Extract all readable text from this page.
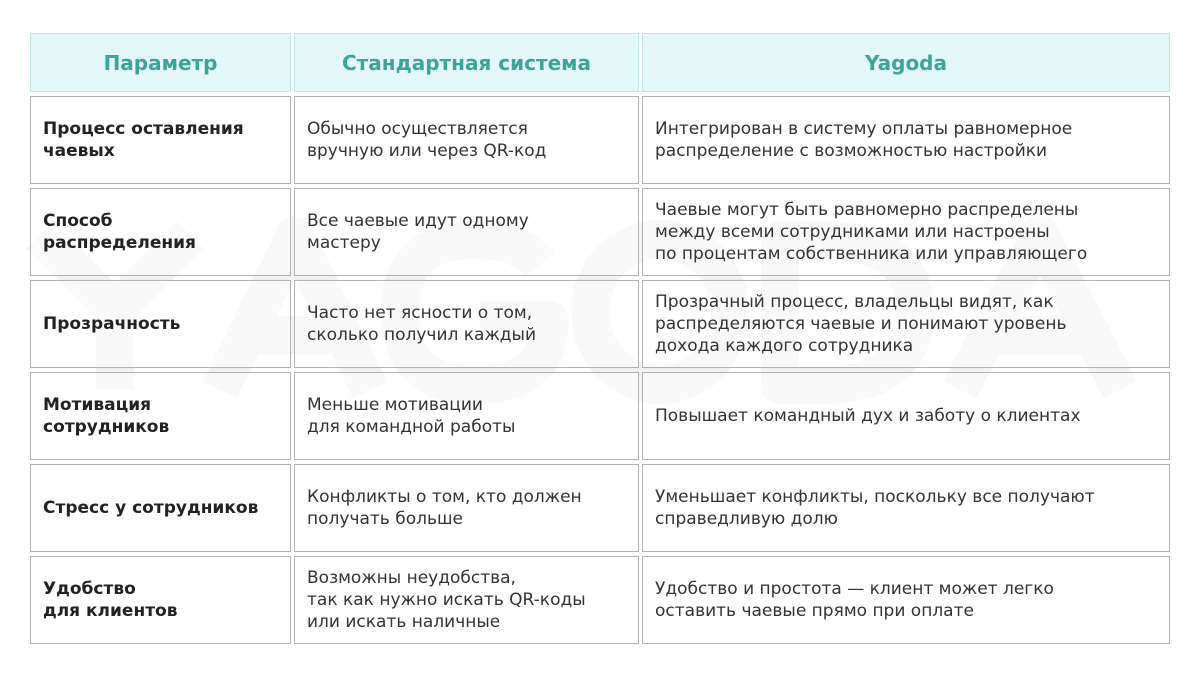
Параметр	Стандартная система	Yagoda
Процесс оставления
чаевых
Обычно осуществляется
вручную или через QR-код
Интегрирован в систему оплаты равномерное
распределение с возможностью настройки
Способ
распределения
Все чаевые идут одному
мастеру
Чаевые могут быть равномерно распределены
между всеми сотрудниками или настроены
по процентам собственника или управляющего
Прозрачность
Часто нет ясности о том,
сколько получил каждый
Прозрачный процесс, владельцы видят, как
распределяются чаевые и понимают уровень
дохода каждого сотрудника
Мотивация
сотрудников
Меньше мотивации
для командной работы
Повышает командный дух и заботу о клиентах
Стресс у сотрудников
Конфликты о том, кто должен
получать больше
Уменьшает конфликты, поскольку все получают
справедливую долю
Удобство
для клиентов
Возможны неудобства,
так как нужно искать QR-коды
или искать наличные
Удобство и простота — клиент может легко
оставить чаевые прямо при оплате
